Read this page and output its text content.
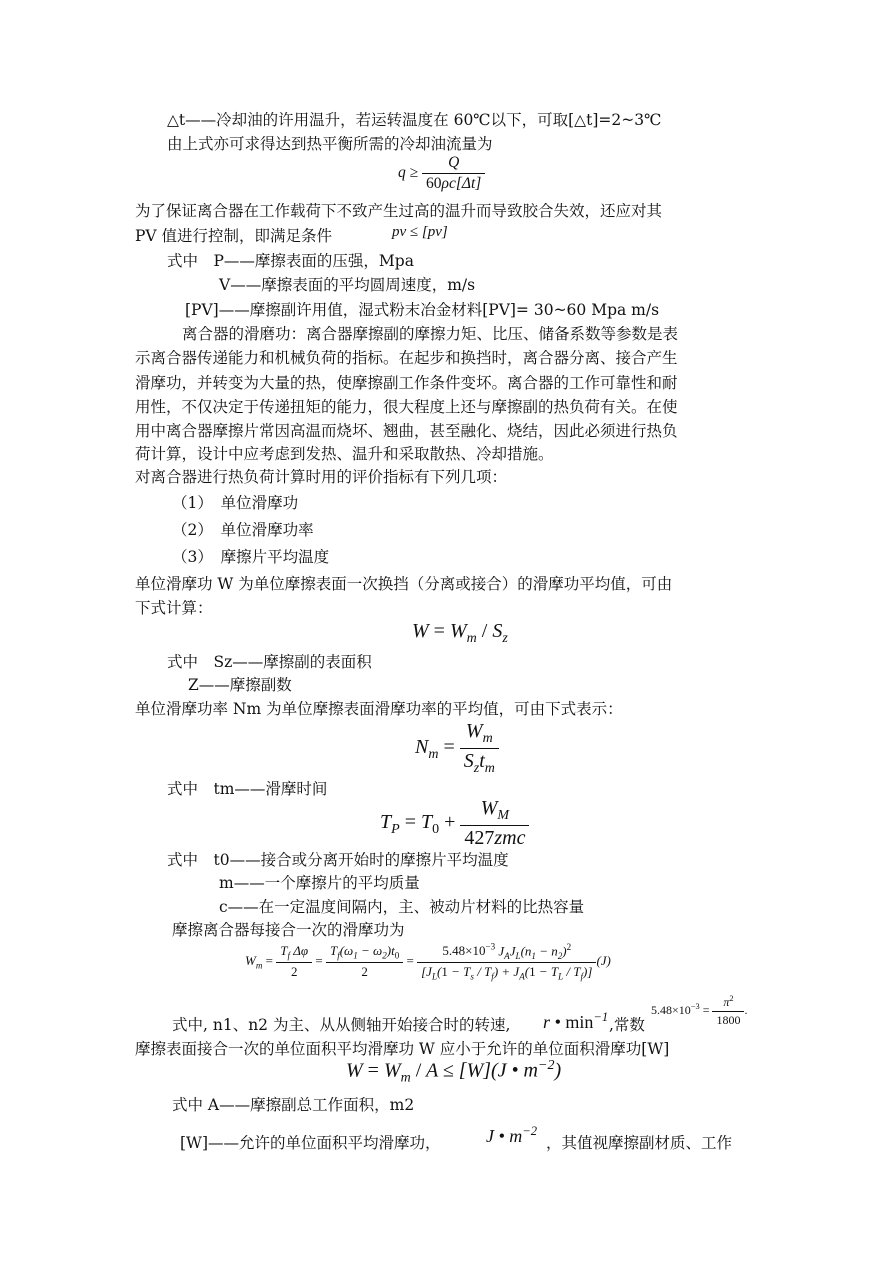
△t——冷却油的许用温升，若运转温度在 60℃以下，可取[△t]=2~3℃
由上式亦可求得达到热平衡所需的冷却油流量为
$q \ge \frac{Q}{60\rho c[\Delta t]}$
为了保证离合器在工作载荷下不致产生过高的温升而导致胶合失效，还应对其
PV 值进行控制，即满足条件	pv ≤ [pv]
式中　P——摩擦表面的压强，Mpa
V——摩擦表面的平均圆周速度，m/s
[PV]——摩擦副许用值，湿式粉末冶金材料[PV]= 30~60 Mpa m/s
离合器的滑磨功：离合器摩擦副的摩擦力矩、比压、储备系数等参数是表
示离合器传递能力和机械负荷的指标。在起步和换挡时，离合器分离、接合产生
滑摩功，并转变为大量的热，使摩擦副工作条件变坏。离合器的工作可靠性和耐
用性，不仅决定于传递扭矩的能力，很大程度上还与摩擦副的热负荷有关。在使
用中离合器摩擦片常因高温而烧坏、翘曲，甚至融化、烧结，因此必须进行热负
荷计算，设计中应考虑到发热、温升和采取散热、冷却措施。
对离合器进行热负荷计算时用的评价指标有下列几项：
（1）　单位滑摩功
（2）　单位滑摩功率
（3）　摩擦片平均温度
单位滑摩功 W 为单位摩擦表面一次换挡（分离或接合）的滑摩功平均值，可由
下式计算：
$W = W_m / S_z$
式中　Sz——摩擦副的表面积
Z——摩擦副数
单位滑摩功率 Nm 为单位摩擦表面滑摩功率的平均值，可由下式表示：
$N_m = \frac{W_m}{S_zt_m}$
式中　tm——滑摩时间
$T_P = T_0 + \frac{W_M}{\text{427zmc}}$
式中　t0——接合或分离开始时的摩擦片平均温度
m——一个摩擦片的平均质量
c——在一定温度间隔内，主、被动片材料的比热容量
摩擦离合器每接合一次的滑摩功为
$W_m = \frac{T_f \Delta\varphi}{2} = \frac{T_f(\omega_1 - \omega_2)t_0}{2} = \frac{5.48\times 10^{-3} J_AJ_L(n_1 - n_2)^2}{[J_L(1 - T_s / T_f) + J_A(1 - T_L / T_f)]} (J)$
式中, n1、n2 为主、从从侧轴开始接合时的转速, r • $\min^{-1}$ ,常数
$5.48\times 10^{-3} = \frac{\pi^2}{1800}$ .
摩擦表面接合一次的单位面积平均滑摩功 W 应小于允许的单位面积滑摩功[W]
$W = W_m / A \le [W](J$ • $m^{-2}$)
式中 A——摩擦副总工作面积，m2
[W]——允许的单位面积平均滑摩功，	J • $m^{-2}$
，其值视摩擦副材质、工作
